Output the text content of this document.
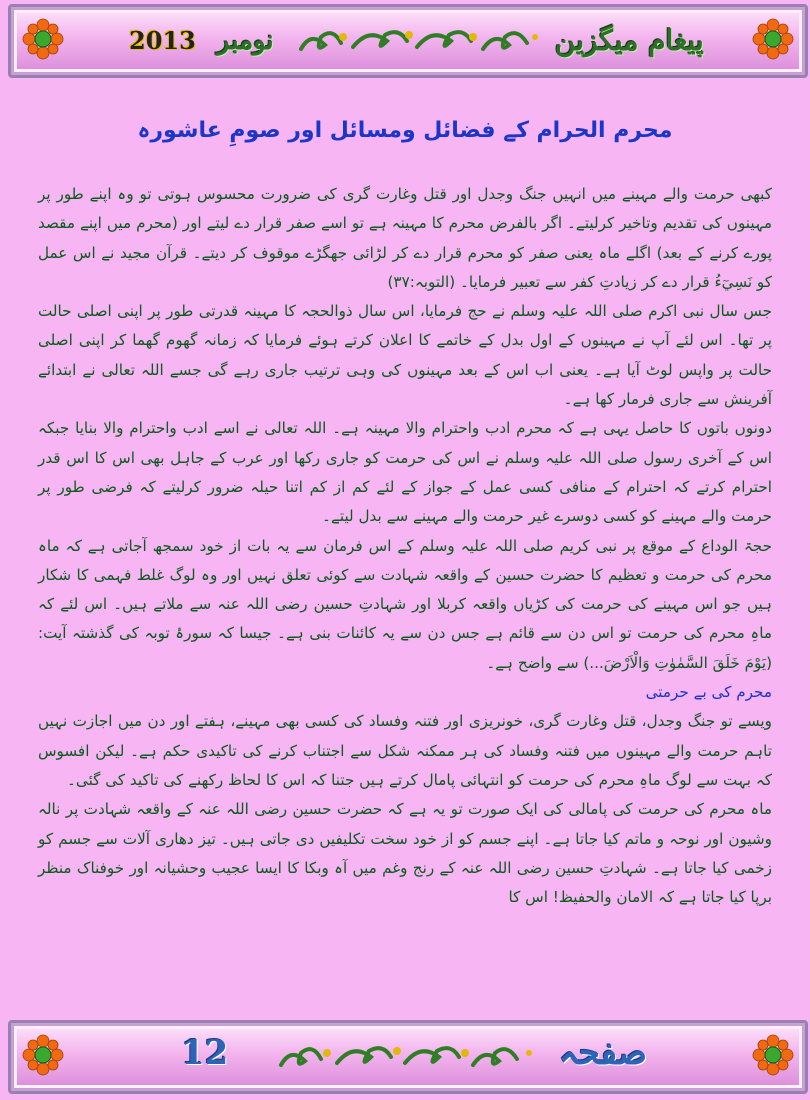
2013 نومبر	پیغام میگزین
محرم الحرام کے فضائل ومسائل اور صومِ عاشورہ

کبھی حرمت والے مہینے میں انہیں جنگ وجدل اور قتل وغارت گری کی ضرورت محسوس ہوتی تو وہ اپنے طور پر مہینوں کی تقدیم وتاخیر کرلیتے۔ اگر بالفرض محرم کا مہینہ ہے تو اسے صفر قرار دے لیتے اور (محرم میں اپنے مقصد پورے کرنے کے بعد) اگلے ماہ یعنی صفر کو محرم قرار دے کر لڑائی جھگڑے موقوف کر دیتے۔ قرآن مجید نے اس عمل کو نَسِيٓءُ قرار دے کر زیادتِ کفر سے تعبیر فرمایا۔ (التوبہ:۳۷)

جس سال نبی اکرم صلی اللہ علیہ وسلم نے حج فرمایا، اس سال ذوالحجہ کا مہینہ قدرتی طور پر اپنی اصلی حالت پر تھا۔ اس لئے آپ نے مہینوں کے اول بدل کے خاتمے کا اعلان کرتے ہوئے فرمایا کہ زمانہ گھوم گھما کر اپنی اصلی حالت پر واپس لوٹ آیا ہے۔ یعنی اب اس کے بعد مہینوں کی وہی ترتیب جاری رہے گی جسے اللہ تعالی نے ابتدائے آفرینش سے جاری فرمار کھا ہے۔

دونوں باتوں کا حاصل یہی ہے کہ محرم ادب واحترام والا مہینہ ہے۔ اللہ تعالی نے اسے ادب واحترام والا بنایا جبکہ اس کے آخری رسول صلی اللہ علیہ وسلم نے اس کی حرمت کو جاری رکھا اور عرب کے جاہل بھی اس کا اس قدر احترام کرتے کہ احترام کے منافی کسی عمل کے جواز کے لئے کم از کم اتنا حیلہ ضرور کرلیتے کہ فرضی طور پر حرمت والے مہینے کو کسی دوسرے غیر حرمت والے مہینے سے بدل لیتے۔

حجۃ الوداع کے موقع پر نبی کریم صلی اللہ علیہ وسلم کے اس فرمان سے یہ بات از خود سمجھ آجاتی ہے کہ ماہ محرم کی حرمت و تعظیم کا حضرت حسین کے واقعہ شہادت سے کوئی تعلق نہیں اور وہ لوگ غلط فہمی کا شکار ہیں جو اس مہینے کی حرمت کی کڑیاں واقعہ کربلا اور شہادتِ حسین رضی اللہ عنہ سے ملاتے ہیں۔ اس لئے کہ ماہِ محرم کی حرمت تو اس دن سے قائم ہے جس دن سے یہ کائنات بنی ہے۔ جیسا کہ سورۂ توبہ کی گذشتہ آیت: (یَوْمَ خَلَقَ السَّمٰوٰتِ وَالْاَرْضَ...) سے واضح ہے۔

محرم کی بے حرمتی

ویسے تو جنگ وجدل، قتل وغارت گری، خونریزی اور فتنہ وفساد کی کسی بھی مہینے، ہفتے اور دن میں اجازت نہیں تاہم حرمت والے مہینوں میں فتنہ وفساد کی ہر ممکنہ شکل سے اجتناب کرنے کی تاکیدی حکم ہے۔ لیکن افسوس کہ بہت سے لوگ ماہِ محرم کی حرمت کو انتہائی پامال کرتے ہیں جتنا کہ اس کا لحاظ رکھنے کی تاکید کی گئی۔

ماہ محرم کی حرمت کی پامالی کی ایک صورت تو یہ ہے کہ حضرت حسین رضی اللہ عنہ کے واقعہ شہادت پر نالہ وشیون اور نوحہ و ماتم کیا جاتا ہے۔ اپنے جسم کو از خود سخت تکلیفیں دی جاتی ہیں۔ تیز دھاری آلات سے جسم کو زخمی کیا جاتا ہے۔ شہادتِ حسین رضی اللہ عنہ کے رنج وغم میں آہ وبکا کا ایسا عجیب وحشیانہ اور خوفناک منظر برپا کیا جاتا ہے کہ الامان والحفیظ! اس کا

12	صفحہ
